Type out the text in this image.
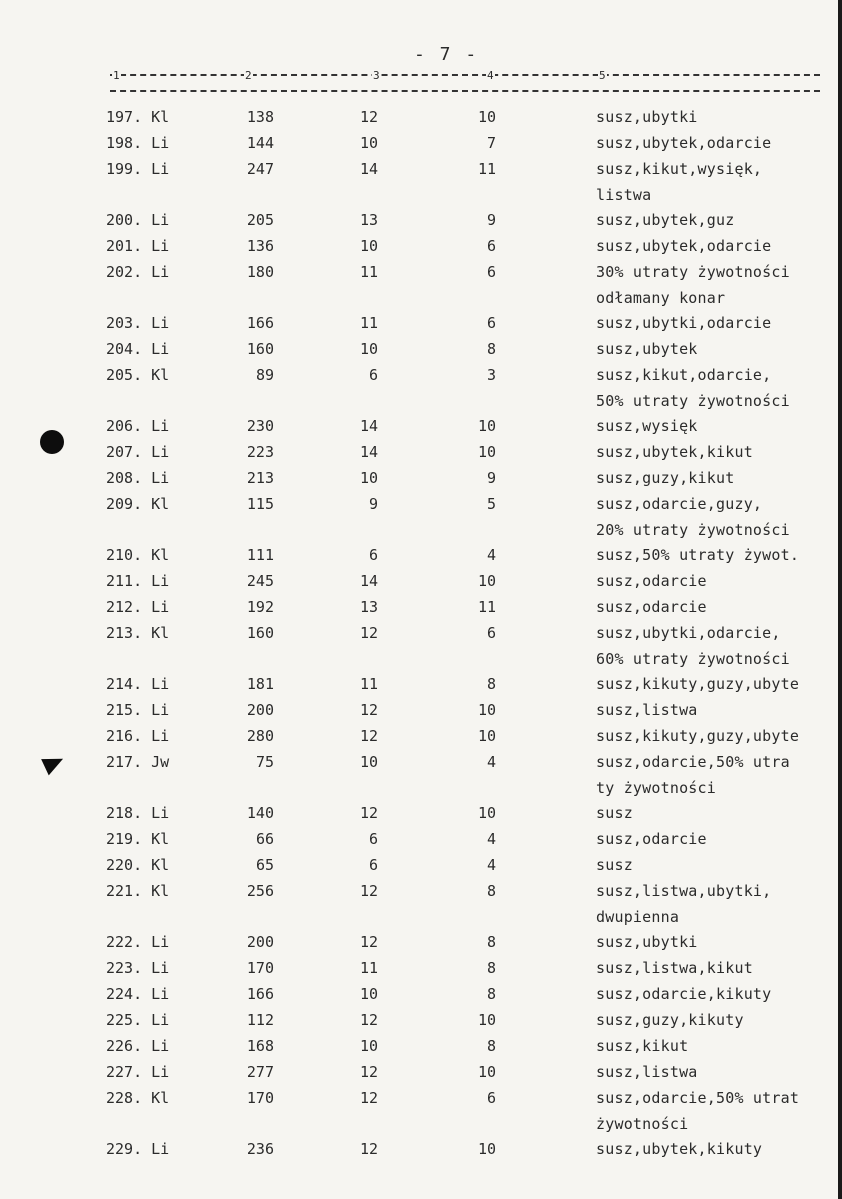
- 7 -
1	2	3	4	5
197. Kl	138	12	10	susz,ubytki
198. Li	144	10	7	susz,ubytek,odarcie
199. Li	247	14	11	susz,kikut,wysięk,
listwa
200. Li	205	13	9	susz,ubytek,guz
201. Li	136	10	6	susz,ubytek,odarcie
202. Li	180	11	6	30% utraty żywotności
odłamany konar
203. Li	166	11	6	susz,ubytki,odarcie
204. Li	160	10	8	susz,ubytek
205. Kl	89	6	3	susz,kikut,odarcie,
50% utraty żywotności
206. Li	230	14	10	susz,wysięk
207. Li	223	14	10	susz,ubytek,kikut
208. Li	213	10	9	susz,guzy,kikut
209. Kl	115	9	5	susz,odarcie,guzy,
20% utraty żywotności
210. Kl	111	6	4	susz,50% utraty żywot.
211. Li	245	14	10	susz,odarcie
212. Li	192	13	11	susz,odarcie
213. Kl	160	12	6	susz,ubytki,odarcie,
60% utraty żywotności
214. Li	181	11	8	susz,kikuty,guzy,ubyte
215. Li	200	12	10	susz,listwa
216. Li	280	12	10	susz,kikuty,guzy,ubyte
217. Jw	75	10	4	susz,odarcie,50% utra
ty żywotności
218. Li	140	12	10	susz
219. Kl	66	6	4	susz,odarcie
220. Kl	65	6	4	susz
221. Kl	256	12	8	susz,listwa,ubytki,
dwupienna
222. Li	200	12	8	susz,ubytki
223. Li	170	11	8	susz,listwa,kikut
224. Li	166	10	8	susz,odarcie,kikuty
225. Li	112	12	10	susz,guzy,kikuty
226. Li	168	10	8	susz,kikut
227. Li	277	12	10	susz,listwa
228. Kl	170	12	6	susz,odarcie,50% utrat
żywotności
229. Li	236	12	10	susz,ubytek,kikuty
